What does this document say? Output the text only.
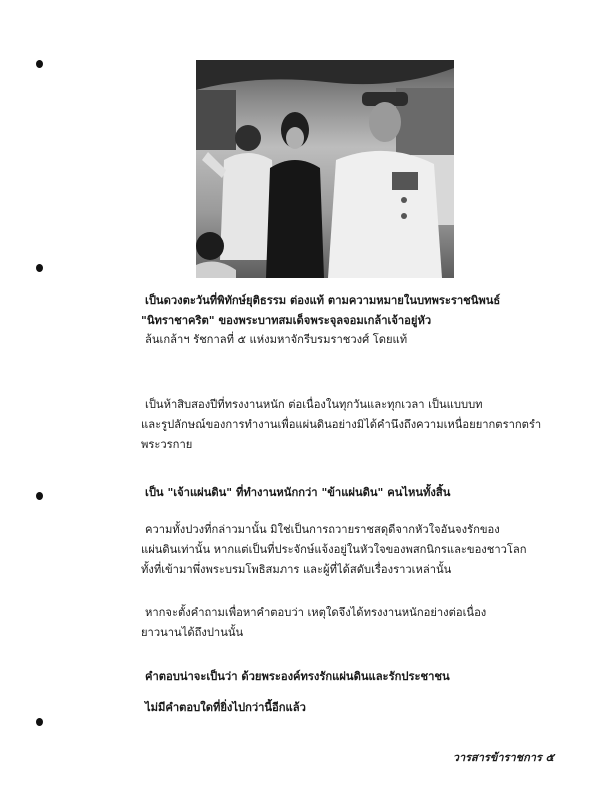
เป็นดวงตะวันที่พิทักษ์ยุติธรรม ต่องแท้ ตามความหมายในบทพระราชนิพนธ์
"นิทราชาคริต" ของพระบาทสมเด็จพระจุลจอมเกล้าเจ้าอยู่หัว
ล้นเกล้าฯ รัชกาลที่ ๕ แห่งมหาจักรีบรมราชวงศ์ โดยแท้
เป็นห้าสิบสองปีที่ทรงงานหนัก ต่อเนื่องในทุกวันและทุกเวลา เป็นแบบบท
และรูปลักษณ์ของการทำงานเพื่อแผ่นดินอย่างมิได้คำนึงถึงความเหนื่อยยากตรากตรำ
พระวรกาย
เป็น "เจ้าแผ่นดิน" ที่ทำงานหนักกว่า "ข้าแผ่นดิน" คนไหนทั้งสิ้น
ความทั้งปวงที่กล่าวมานั้น มิใช่เป็นการถวายราชสดุดีจากหัวใจอันจงรักของ
แผ่นดินเท่านั้น หากแต่เป็นที่ประจักษ์แจ้งอยู่ในหัวใจของพสกนิกรและของชาวโลก
ทั้งที่เข้ามาพึ่งพระบรมโพธิสมภาร และผู้ที่ได้สดับเรื่องราวเหล่านั้น
หากจะตั้งคำถามเพื่อหาคำตอบว่า เหตุใดจึงได้ทรงงานหนักอย่างต่อเนื่อง
ยาวนานได้ถึงปานนั้น
คำตอบน่าจะเป็นว่า ด้วยพระองค์ทรงรักแผ่นดินและรักประชาชน
ไม่มีคำตอบใดที่ยิ่งไปกว่านี้อีกแล้ว
วารสารข้าราชการ ๕
